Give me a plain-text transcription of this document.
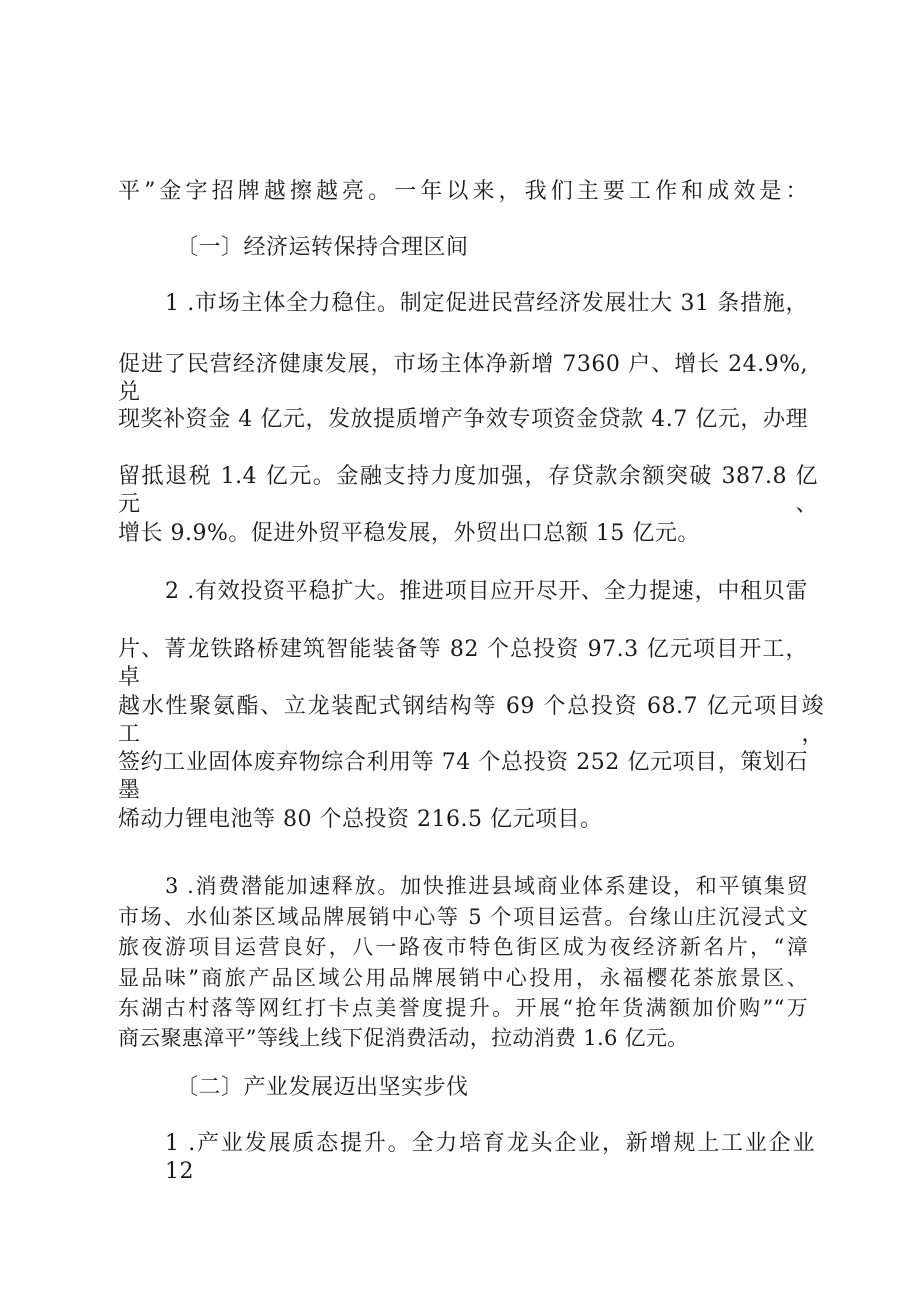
平”金字招牌越擦越亮。一年以来，我们主要工作和成效是：
〔一〕经济运转保持合理区间
1 .市场主体全力稳住。制定促进民营经济发展壮大 31 条措施，
促进了民营经济健康发展，市场主体净新增 7360 户、增长 24.9%,兑
现奖补资金 4 亿元，发放提质增产争效专项资金贷款 4.7 亿元，办理
留抵退税 1.4 亿元。金融支持力度加强，存贷款余额突破 387.8 亿元、
增长 9.9%。促进外贸平稳发展，外贸出口总额 15 亿元。
2 .有效投资平稳扩大。推进项目应开尽开、全力提速，中租贝雷
片、菁龙铁路桥建筑智能装备等 82 个总投资 97.3 亿元项目开工，卓
越水性聚氨酯、立龙装配式钢结构等 69 个总投资 68.7 亿元项目竣工，
签约工业固体废弃物综合利用等 74 个总投资 252 亿元项目，策划石墨
烯动力锂电池等 80 个总投资 216.5 亿元项目。
3 .消费潜能加速释放。加快推进县域商业体系建设，和平镇集贸
市场、水仙茶区域品牌展销中心等 5 个项目运营。台缘山庄沉浸式文
旅夜游项目运营良好，八一路夜市特色街区成为夜经济新名片，“漳
显品味”商旅产品区域公用品牌展销中心投用，永福樱花茶旅景区、
东湖古村落等网红打卡点美誉度提升。开展“抢年货满额加价购”“万
商云聚惠漳平”等线上线下促消费活动，拉动消费 1.6 亿元。
〔二〕产业发展迈出坚实步伐
1 .产业发展质态提升。全力培育龙头企业，新增规上工业企业 12
